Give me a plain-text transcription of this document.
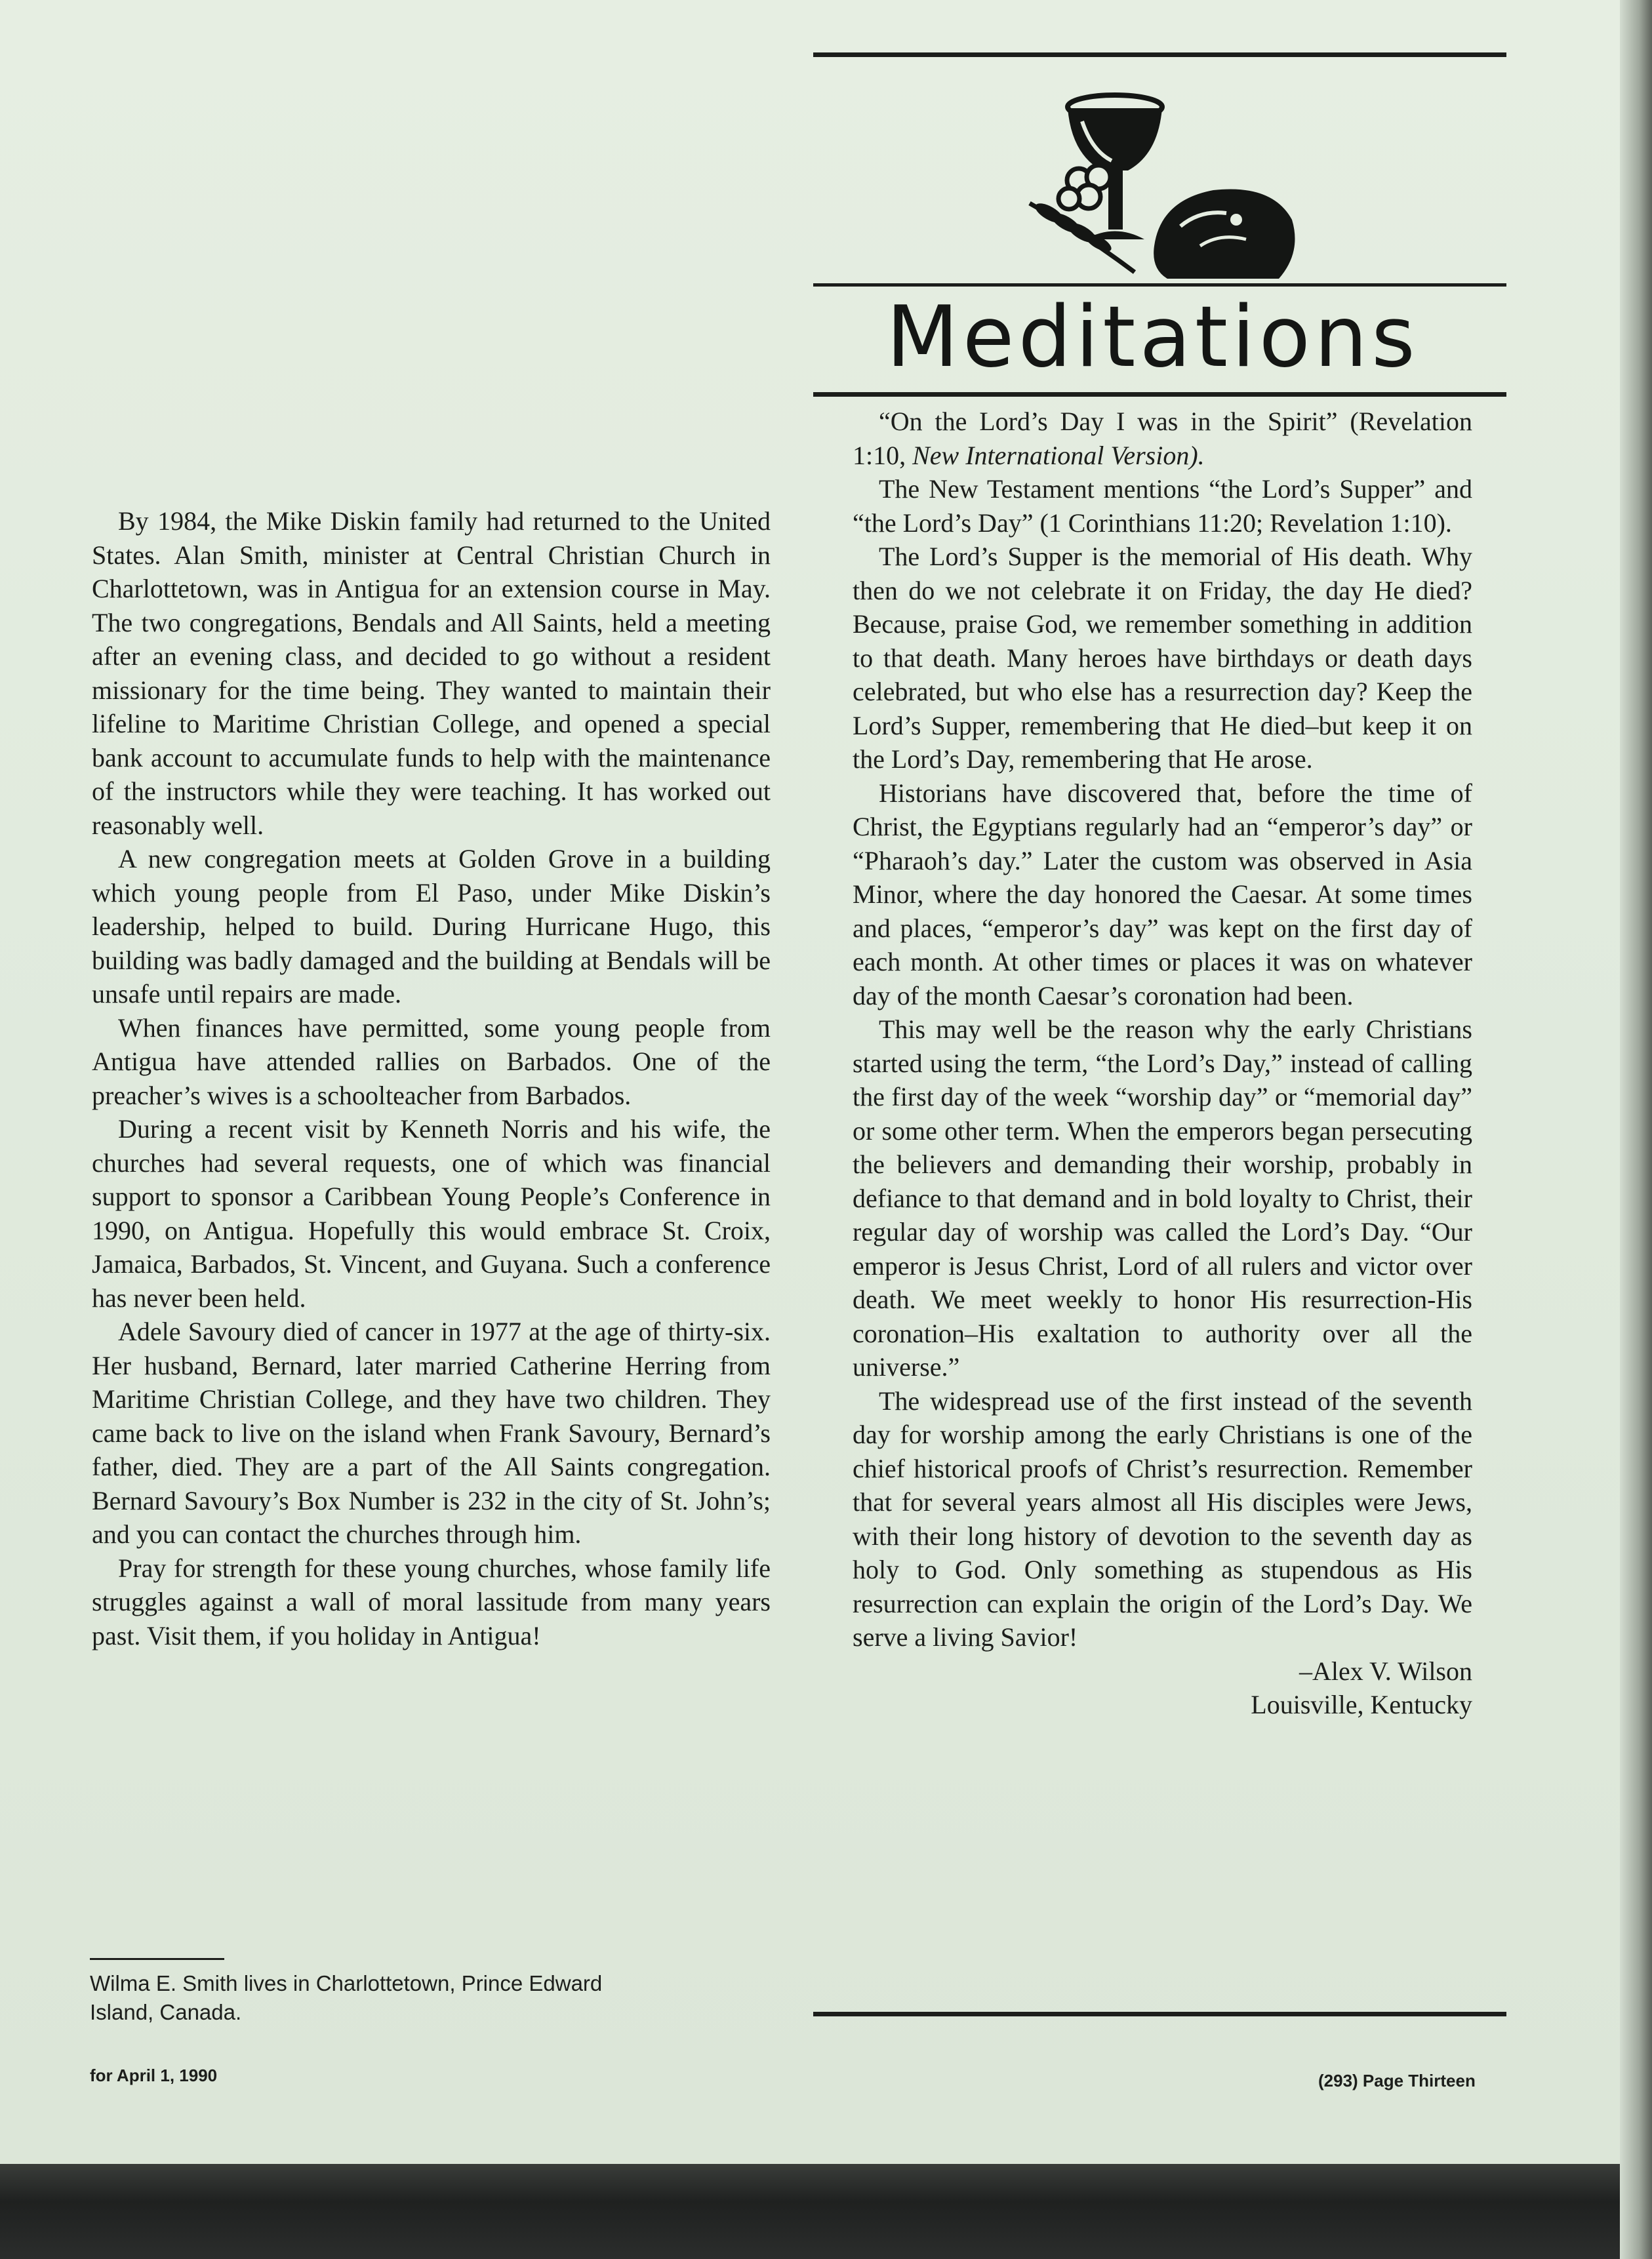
By 1984, the Mike Diskin family had returned to the United States. Alan Smith, minister at Central Christian Church in Charlottetown, was in Antigua for an extension course in May. The two congregations, Bendals and All Saints, held a meeting after an evening class, and decided to go without a resident missionary for the time being. They wanted to maintain their lifeline to Maritime Christian College, and opened a special bank account to accumulate funds to help with the maintenance of the instructors while they were teaching. It has worked out reasonably well.

A new congregation meets at Golden Grove in a building which young people from El Paso, under Mike Diskin’s leadership, helped to build. During Hurricane Hugo, this building was badly damaged and the building at Bendals will be unsafe until repairs are made.

When finances have permitted, some young people from Antigua have attended rallies on Barbados. One of the preacher’s wives is a schoolteacher from Barbados.

During a recent visit by Kenneth Norris and his wife, the churches had several requests, one of which was financial support to sponsor a Caribbean Young People’s Conference in 1990, on Antigua. Hopefully this would embrace St. Croix, Jamaica, Barbados, St. Vincent, and Guyana. Such a conference has never been held.

Adele Savoury died of cancer in 1977 at the age of thirty-six. Her husband, Bernard, later married Catherine Herring from Maritime Christian College, and they have two children. They came back to live on the island when Frank Savoury, Bernard’s father, died. They are a part of the All Saints congregation. Bernard Savoury’s Box Number is 232 in the city of St. John’s; and you can contact the churches through him.

Pray for strength for these young churches, whose family life struggles against a wall of moral lassitude from many years past. Visit them, if you holiday in Antigua!

Wilma E. Smith lives in Charlottetown, Prince Edward
Island, Canada.
Meditations

“On the Lord’s Day I was in the Spirit” (Revelation 1:10, New International Version).

The New Testament mentions “the Lord’s Supper” and “the Lord’s Day” (1 Corinthians 11:20; Revelation 1:10).

The Lord’s Supper is the memorial of His death. Why then do we not celebrate it on Friday, the day He died? Because, praise God, we remember something in addition to that death. Many heroes have birthdays or death days celebrated, but who else has a resurrection day? Keep the Lord’s Supper, remembering that He died–but keep it on the Lord’s Day, remembering that He arose.

Historians have discovered that, before the time of Christ, the Egyptians regularly had an “emperor’s day” or “Pharaoh’s day.” Later the custom was observed in Asia Minor, where the day honored the Caesar. At some times and places, “emperor’s day” was kept on the first day of each month. At other times or places it was on whatever day of the month Caesar’s coronation had been.

This may well be the reason why the early Christians started using the term, “the Lord’s Day,” instead of calling the first day of the week “worship day” or “memorial day” or some other term. When the emperors began persecuting the believers and demanding their worship, probably in defiance to that demand and in bold loyalty to Christ, their regular day of worship was called the Lord’s Day. “Our emperor is Jesus Christ, Lord of all rulers and victor over death. We meet weekly to honor His resurrection-His coronation–His exaltation to authority over all the universe.”

The widespread use of the first instead of the seventh day for worship among the early Christians is one of the chief historical proofs of Christ’s resurrection. Remember that for several years almost all His disciples were Jews, with their long history of devotion to the seventh day as holy to God. Only something as stupendous as His resurrection can explain the origin of the Lord’s Day. We serve a living Savior!

–Alex V. Wilson

Louisville, Kentucky

for April 1, 1990	(293) Page Thirteen
